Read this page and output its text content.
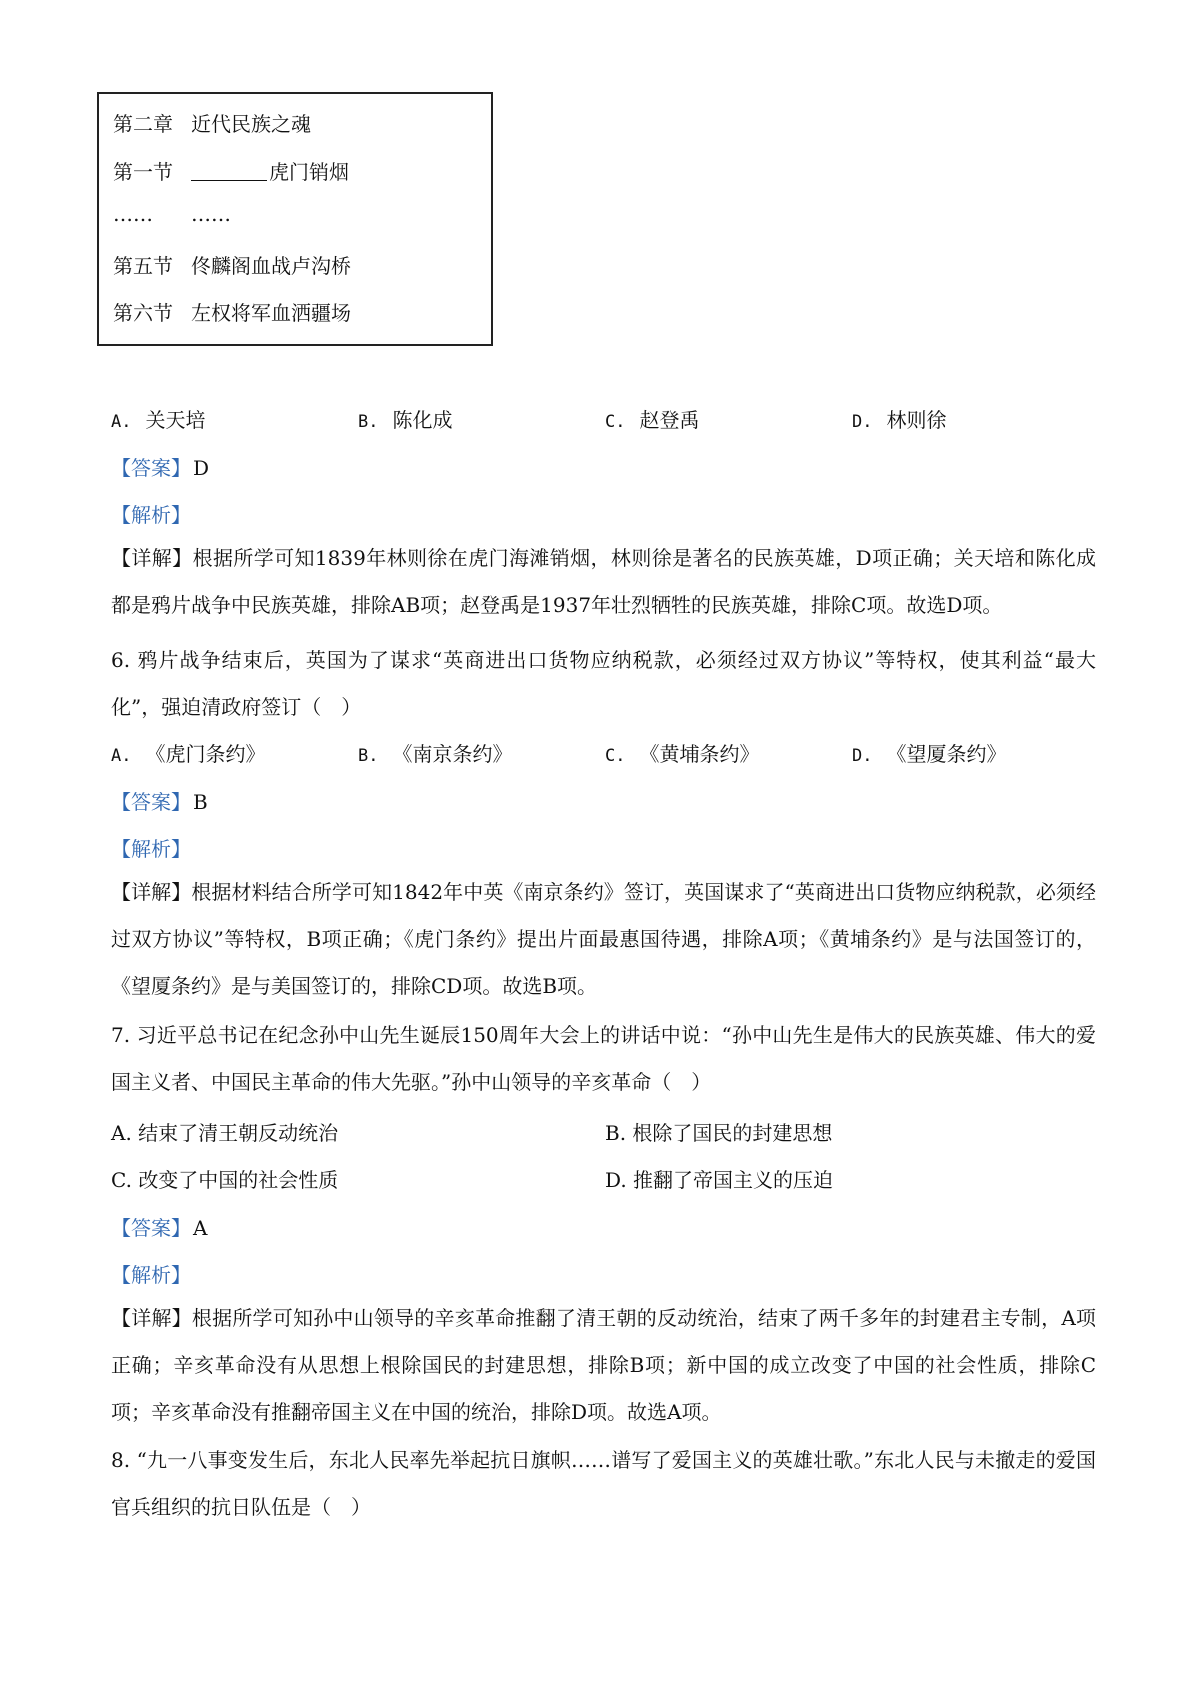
第二章 近代民族之魂
第一节	虎门销烟
…… ……
第五节 佟麟阁血战卢沟桥
第六节 左权将军血洒疆场
A. 关天培	B. 陈化成	C. 赵登禹	D. 林则徐
【答案】 D
【解析】
【详解】根据所学可知1839年林则徐在虎门海滩销烟，林则徐是著名的民族英雄，D项正确；关天培和陈化成都是鸦片战争中民族英雄，排除AB项；赵登禹是1937年壮烈牺牲的民族英雄，排除C项。故选D项。
6. 鸦片战争结束后，英国为了谋求“英商进出口货物应纳税款，必须经过双方协议”等特权，使其利益“最大化”，强迫清政府签订（　）
A. 《虎门条约》	B. 《南京条约》	C. 《黄埔条约》	D. 《望厦条约》
【答案】 B
【解析】
【详解】根据材料结合所学可知1842年中英《南京条约》签订，英国谋求了“英商进出口货物应纳税款，必须经过双方协议”等特权，B项正确；《虎门条约》提出片面最惠国待遇，排除A项；《黄埔条约》是与法国签订的，《望厦条约》是与美国签订的，排除CD项。故选B项。
7. 习近平总书记在纪念孙中山先生诞辰150周年大会上的讲话中说：“孙中山先生是伟大的民族英雄、伟大的爱国主义者、中国民主革命的伟大先驱。”孙中山领导的辛亥革命（　）
A. 结束了清王朝反动统治	B. 根除了国民的封建思想
C. 改变了中国的社会性质	D. 推翻了帝国主义的压迫
【答案】 A
【解析】
【详解】根据所学可知孙中山领导的辛亥革命推翻了清王朝的反动统治，结束了两千多年的封建君主专制，A项正确；辛亥革命没有从思想上根除国民的封建思想，排除B项；新中国的成立改变了中国的社会性质，排除C项；辛亥革命没有推翻帝国主义在中国的统治，排除D项。故选A项。
8. “九一八事变发生后，东北人民率先举起抗日旗帜……谱写了爱国主义的英雄壮歌。”东北人民与未撤走的爱国官兵组织的抗日队伍是（　）
